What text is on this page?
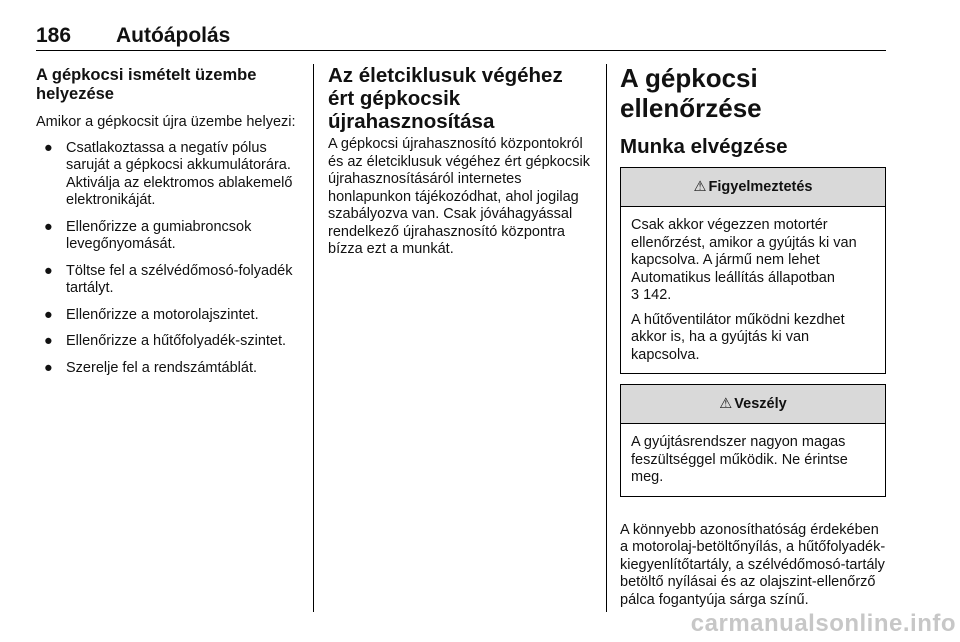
186 Autóápolás
A gépkocsi ismételt üzembe helyezése

Amikor a gépkocsit újra üzembe helyezi:

● Csatlakoztassa a negatív pólus saruját a gépkocsi akkumulátorára. Aktiválja az elektromos ablakemelő elektronikáját.
● Ellenőrizze a gumiabroncsok levegőnyomását.
● Töltse fel a szélvédőmosó-folyadék tartályt.
● Ellenőrizze a motorolajszintet.
● Ellenőrizze a hűtőfolyadék-szintet.
● Szerelje fel a rendszámtáblát.
Az életciklusuk végéhez ért gépkocsik újrahasznosítása

A gépkocsi újrahasznosító központokról és az életciklusuk végéhez ért gépkocsik újrahasznosításáról internetes honlapunkon tájékozódhat, ahol jogilag szabályozva van. Csak jóváhagyással rendelkező újrahasznosító központra bízza ezt a munkát.

A gépkocsi ellenőrzése
Munka elvégzése
⚠ Figyelmeztetés

Csak akkor végezzen motortér ellenőrzést, amikor a gyújtás ki van kapcsolva. A jármű nem lehet Automatikus leállítás állapotban
3 142.

A hűtőventilátor működni kezdhet akkor is, ha a gyújtás ki van kapcsolva.

⚠ Veszély

A gyújtásrendszer nagyon magas feszültséggel működik. Ne érintse meg.

A könnyebb azonosíthatóság érdekében a motorolaj-betöltőnyílás, a hűtőfolyadék-kiegyenlítőtartály, a szélvédőmosó-tartály betöltő nyílásai és az olajszint-ellenőrző pálca fogantyúja sárga színű.

carmanualsonline.info
